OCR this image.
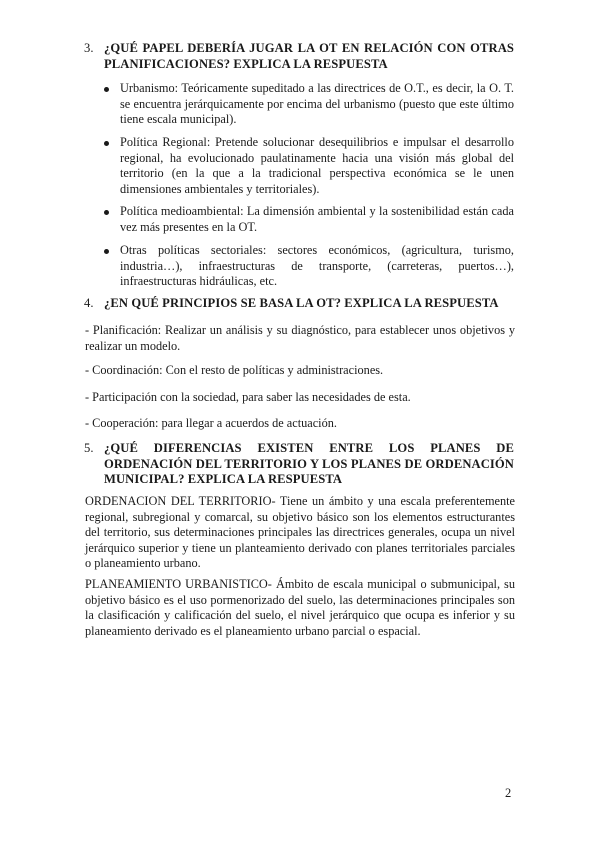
3. ¿QUÉ PAPEL DEBERÍA JUGAR LA OT EN RELACIÓN CON OTRAS PLANIFICACIONES? EXPLICA LA RESPUESTA
Urbanismo: Teóricamente supeditado a las directrices de O.T., es decir, la O. T. se encuentra jerárquicamente por encima del urbanismo (puesto que este último tiene escala municipal).
Política Regional: Pretende solucionar desequilibrios e impulsar el desarrollo regional, ha evolucionado paulatinamente hacia una visión más global del territorio (en la que a la tradicional perspectiva económica se le unen dimensiones ambientales y territoriales).
Política medioambiental: La dimensión ambiental y la sostenibilidad están cada vez más presentes en la OT.
Otras políticas sectoriales: sectores económicos, (agricultura, turismo, industria…), infraestructuras de transporte, (carreteras, puertos…), infraestructuras hidráulicas, etc.
4. ¿EN QUÉ PRINCIPIOS SE BASA LA OT? EXPLICA LA RESPUESTA
- Planificación: Realizar un análisis y su diagnóstico, para establecer unos objetivos y realizar un modelo.
- Coordinación: Con el resto de políticas y administraciones.
- Participación con la sociedad, para saber las necesidades de esta.
- Cooperación: para llegar a acuerdos de actuación.
5. ¿QUÉ DIFERENCIAS EXISTEN ENTRE LOS PLANES DE ORDENACIÓN DEL TERRITORIO Y LOS PLANES DE ORDENACIÓN MUNICIPAL? EXPLICA LA RESPUESTA
ORDENACION DEL TERRITORIO- Tiene un ámbito y una escala preferentemente regional, subregional y comarcal, su objetivo básico son los elementos estructurantes del territorio, sus determinaciones principales las directrices generales, ocupa un nivel jerárquico superior y tiene un planteamiento derivado con planes territoriales parciales o planeamiento urbano.
PLANEAMIENTO URBANISTICO- Ámbito de escala municipal o submunicipal, su objetivo básico es el uso pormenorizado del suelo, las determinaciones principales son la clasificación y calificación del suelo, el nivel jerárquico que ocupa es inferior y su planeamiento derivado es el planeamiento urbano parcial o espacial.
2
